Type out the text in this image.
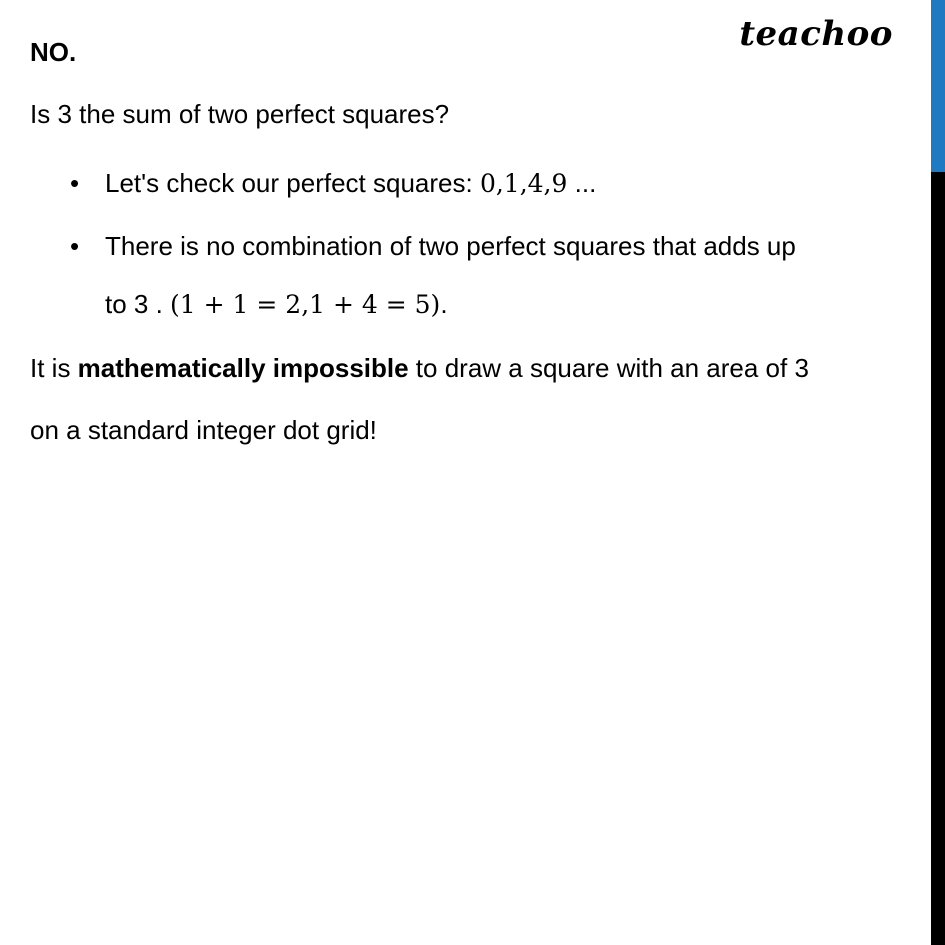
teachoo
NO.
Is 3 the sum of two perfect squares?
• Let's check our perfect squares: 0,1,4,9 ...
• There is no combination of two perfect squares that adds up
to 3 . (1 + 1 = 2,1 + 4 = 5).
It is mathematically impossible to draw a square with an area of 3
on a standard integer dot grid!
